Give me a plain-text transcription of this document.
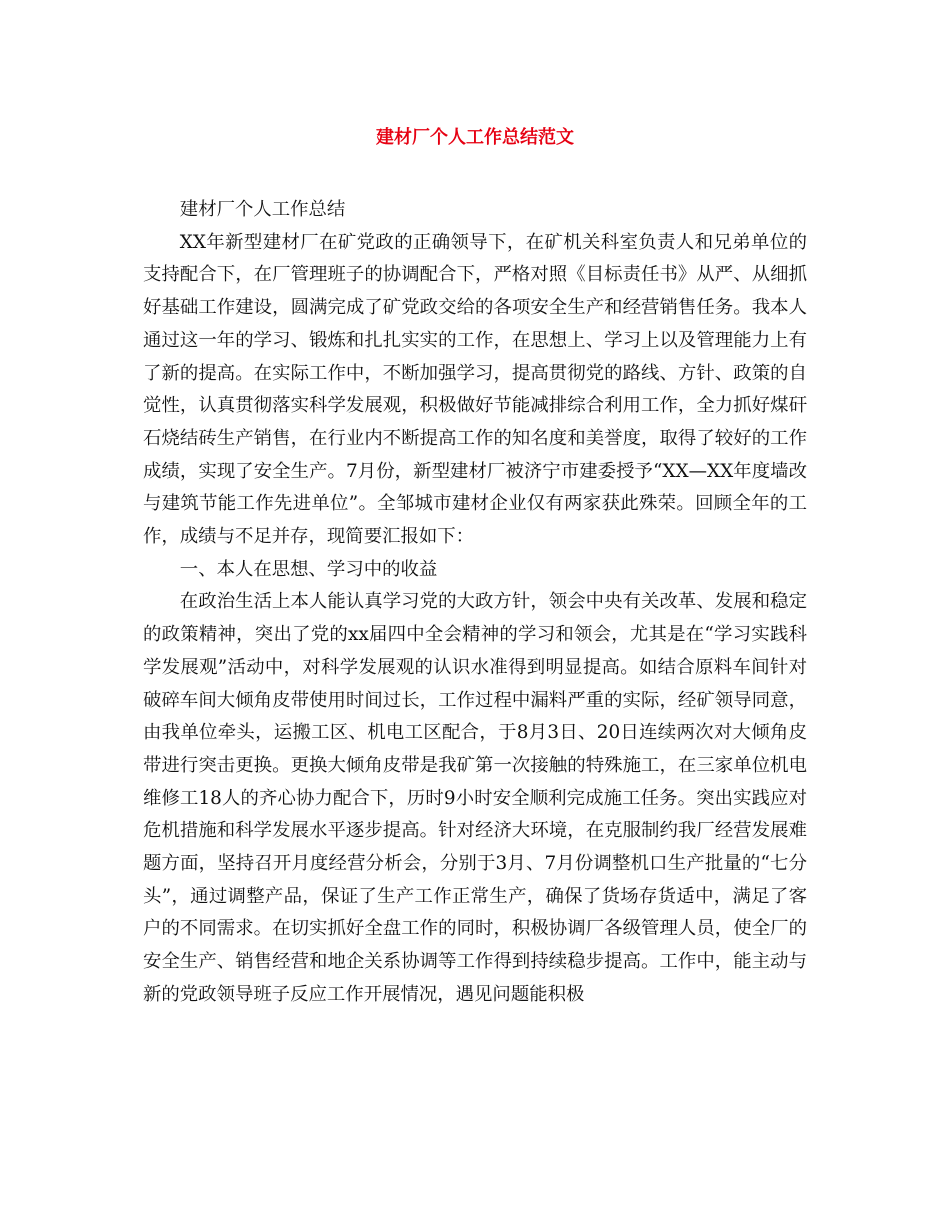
建材厂个人工作总结范文

建材厂个人工作总结

XX年新型建材厂在矿党政的正确领导下，在矿机关科室负责人和兄弟单位的支持配合下，在厂管理班子的协调配合下，严格对照《目标责任书》从严、从细抓好基础工作建设，圆满完成了矿党政交给的各项安全生产和经营销售任务。我本人通过这一年的学习、锻炼和扎扎实实的工作，在思想上、学习上以及管理能力上有了新的提高。在实际工作中，不断加强学习，提高贯彻党的路线、方针、政策的自觉性，认真贯彻落实科学发展观，积极做好节能减排综合利用工作，全力抓好煤矸石烧结砖生产销售，在行业内不断提高工作的知名度和美誉度，取得了较好的工作成绩，实现了安全生产。7月份，新型建材厂被济宁市建委授予“XX—XX年度墙改与建筑节能工作先进单位”。全邹城市建材企业仅有两家获此殊荣。回顾全年的工作，成绩与不足并存，现简要汇报如下：

一、本人在思想、学习中的收益

在政治生活上本人能认真学习党的大政方针，领会中央有关改革、发展和稳定的政策精神，突出了党的xx届四中全会精神的学习和领会，尤其是在“学习实践科学发展观”活动中，对科学发展观的认识水准得到明显提高。如结合原料车间针对破碎车间大倾角皮带使用时间过长，工作过程中漏料严重的实际，经矿领导同意，由我单位牵头，运搬工区、机电工区配合，于8月3日、20日连续两次对大倾角皮带进行突击更换。更换大倾角皮带是我矿第一次接触的特殊施工，在三家单位机电维修工18人的齐心协力配合下，历时9小时安全顺利完成施工任务。突出实践应对危机措施和科学发展水平逐步提高。针对经济大环境，在克服制约我厂经营发展难题方面，坚持召开月度经营分析会，分别于3月、7月份调整机口生产批量的“七分头”，通过调整产品，保证了生产工作正常生产，确保了货场存货适中，满足了客户的不同需求。在切实抓好全盘工作的同时，积极协调厂各级管理人员，使全厂的安全生产、销售经营和地企关系协调等工作得到持续稳步提高。工作中，能主动与新的党政领导班子反应工作开展情况，遇见问题能积极
